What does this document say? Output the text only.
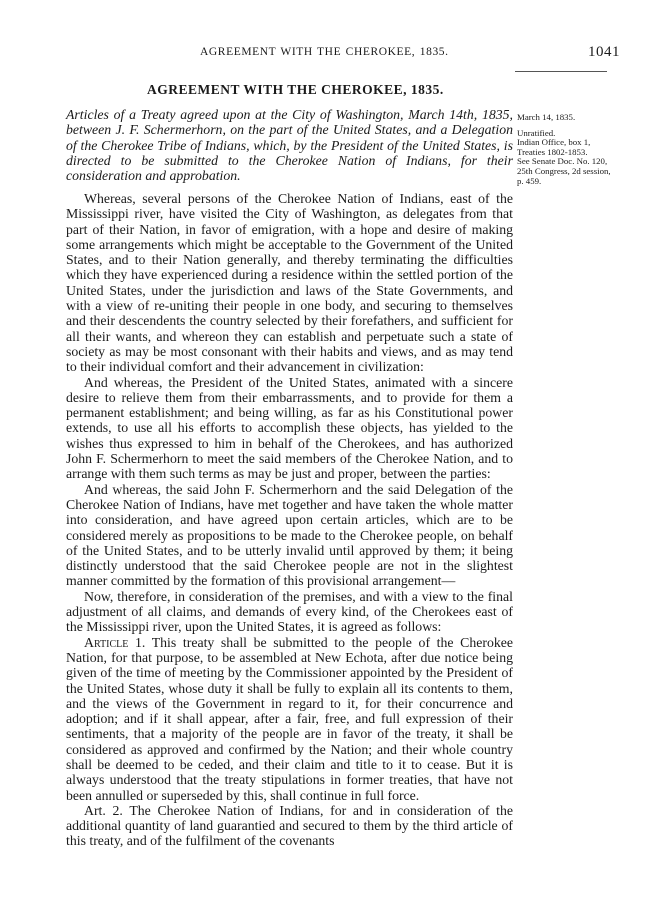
AGREEMENT WITH THE CHEROKEE, 1835.	1041
AGREEMENT WITH THE CHEROKEE, 1835.
Articles of a Treaty agreed upon at the City of Washington, March 14th, 1835, between J. F. Schermerhorn, on the part of the United States, and a Delegation of the Cherokee Tribe of Indians, which, by the President of the United States, is directed to be submitted to the Cherokee Nation of Indians, for their consideration and approbation.
March 14, 1835.
Unratified.
Indian Office, box 1, Treaties 1802-1853.
See Senate Doc. No. 120, 25th Congress, 2d session, p. 459.

Whereas, several persons of the Cherokee Nation of Indians, east of the Mississippi river, have visited the City of Washington, as delegates from that part of their Nation, in favor of emigration, with a hope and desire of making some arrangements which might be acceptable to the Government of the United States, and to their Nation generally, and thereby terminating the difficulties which they have experienced during a residence within the settled portion of the United States, under the jurisdiction and laws of the State Governments, and with a view of re-uniting their people in one body, and securing to themselves and their descendents the country selected by their forefathers, and sufficient for all their wants, and whereon they can establish and perpetuate such a state of society as may be most consonant with their habits and views, and as may tend to their individual comfort and their advancement in civilization:

And whereas, the President of the United States, animated with a sincere desire to relieve them from their embarrassments, and to provide for them a permanent establishment; and being willing, as far as his Constitutional power extends, to use all his efforts to accomplish these objects, has yielded to the wishes thus expressed to him in behalf of the Cherokees, and has authorized John F. Schermerhorn to meet the said members of the Cherokee Nation, and to arrange with them such terms as may be just and proper, between the parties:

And whereas, the said John F. Schermerhorn and the said Delegation of the Cherokee Nation of Indians, have met together and have taken the whole matter into consideration, and have agreed upon certain articles, which are to be considered merely as propositions to be made to the Cherokee people, on behalf of the United States, and to be utterly invalid until approved by them; it being distinctly understood that the said Cherokee people are not in the slightest manner committed by the formation of this provisional arrangement—

Now, therefore, in consideration of the premises, and with a view to the final adjustment of all claims, and demands of every kind, of the Cherokees east of the Mississippi river, upon the United States, it is agreed as follows:

Article 1. This treaty shall be submitted to the people of the Cherokee Nation, for that purpose, to be assembled at New Echota, after due notice being given of the time of meeting by the Commissioner appointed by the President of the United States, whose duty it shall be fully to explain all its contents to them, and the views of the Government in regard to it, for their concurrence and adoption; and if it shall appear, after a fair, free, and full expression of their sentiments, that a majority of the people are in favor of the treaty, it shall be considered as approved and confirmed by the Nation; and their whole country shall be deemed to be ceded, and their claim and title to it to cease. But it is always understood that the treaty stipulations in former treaties, that have not been annulled or superseded by this, shall continue in full force.

Art. 2. The Cherokee Nation of Indians, for and in consideration of the additional quantity of land guarantied and secured to them by the third article of this treaty, and of the fulfilment of the covenants
